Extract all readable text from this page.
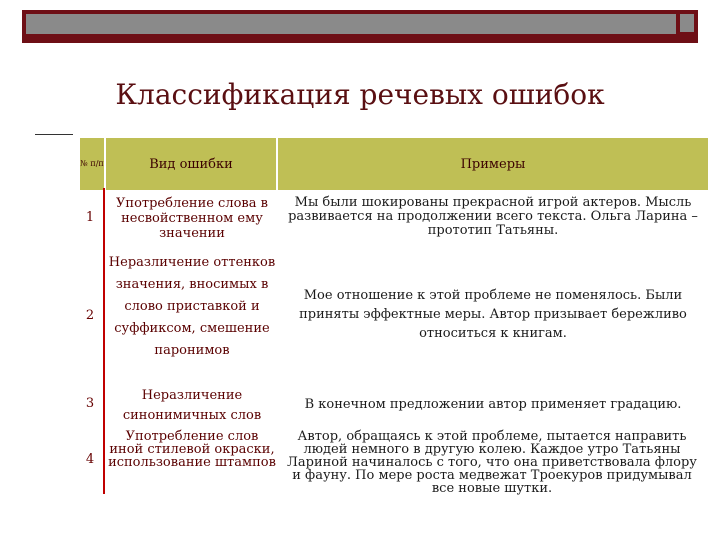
Классификация речевых ошибок
№ п/п	Вид ошибки	Примеры
1
Употребление слова в несвойственном ему значении
Мы были шокированы прекрасной игрой актеров. Мысль развивается на продолжении всего текста. Ольга Ларина – прототип Татьяны.
2
Неразличение оттенков значения, вносимых в слово приставкой и суффиксом, смешение паронимов
Мое отношение к этой проблеме не поменялось. Были приняты эффектные меры. Автор призывает бережливо относиться к книгам.
3
Неразличение синонимичных слов
В конечном предложении автор применяет градацию.
4
Употребление слов иной стилевой окраски, использование штампов
Автор, обращаясь к этой проблеме, пытается направить людей немного в другую колею. Каждое утро Татьяны Лариной начиналось с того, что она приветствовала флору и фауну. По мере роста медвежат Троекуров придумывал все новые шутки.
